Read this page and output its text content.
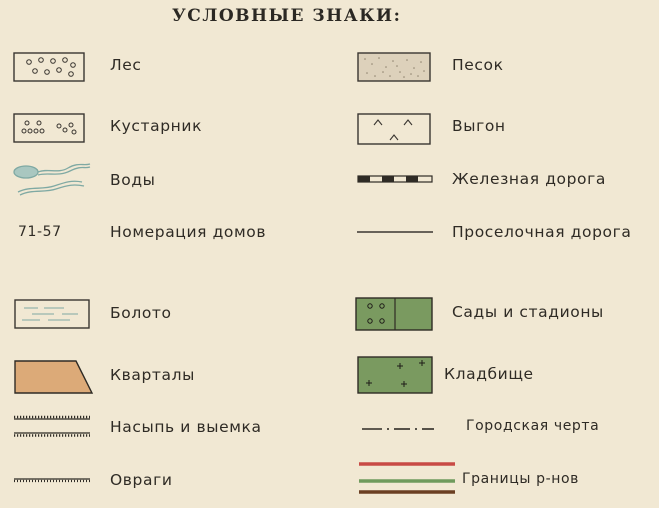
УСЛОВНЫЕ ЗНАКИ:
Лес	Песок
Кустарник	Выгон
Воды	Железная дорога
71-57	Номерация домов	Проселочная дорога
Болото	Сады и стадионы
Кварталы	Кладбище
Насыпь и выемка	Городская черта
Овраги	Границы р-нов
